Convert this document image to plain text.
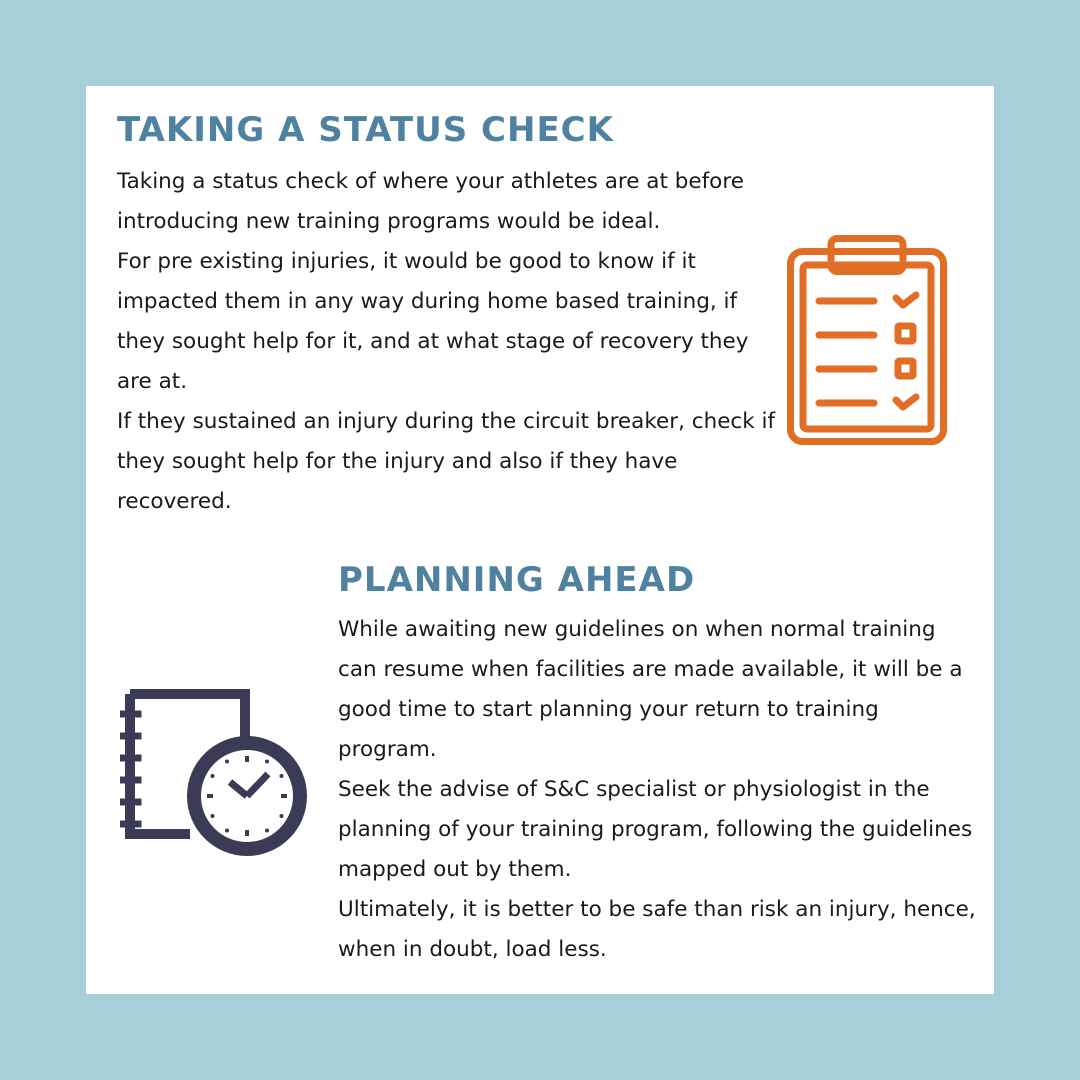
TAKING A STATUS CHECK

Taking a status check of where your athletes are at before introducing new training programs would be ideal.

For pre existing injuries, it would be good to know if it impacted them in any way during home based training, if they sought help for it, and at what stage of recovery they are at.

If they sustained an injury during the circuit breaker, check if they sought help for the injury and also if they have recovered.

PLANNING AHEAD

While awaiting new guidelines on when normal training can resume when facilities are made available, it will be a good time to start planning your return to training program.

Seek the advise of S&C specialist or physiologist in the planning of your training program, following the guidelines mapped out by them.

Ultimately, it is better to be safe than risk an injury, hence, when in doubt, load less.
